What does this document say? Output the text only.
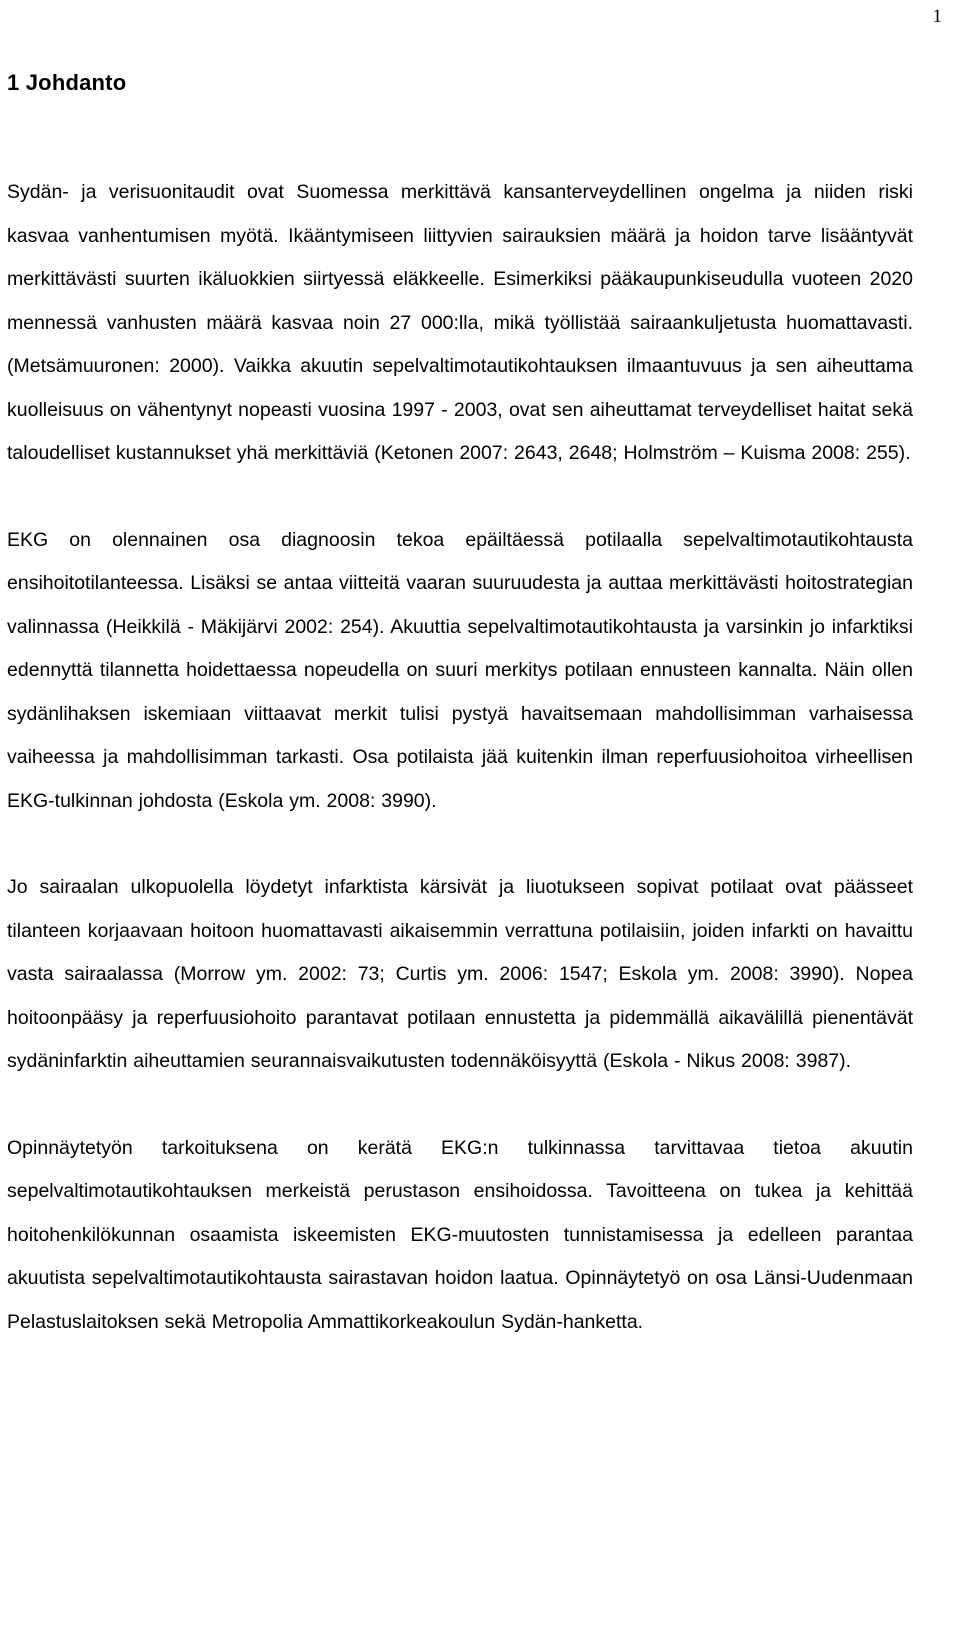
1
1 Johdanto

Sydän- ja verisuonitaudit ovat Suomessa merkittävä kansanterveydellinen ongelma ja niiden riski kasvaa vanhentumisen myötä. Ikääntymiseen liittyvien sairauksien määrä ja hoidon tarve lisääntyvät merkittävästi suurten ikäluokkien siirtyessä eläkkeelle. Esimerkiksi pääkaupunkiseudulla vuoteen 2020 mennessä vanhusten määrä kasvaa noin 27 000:lla, mikä työllistää sairaankuljetusta huomattavasti. (Metsämuuronen: 2000). Vaikka akuutin sepelvaltimotautikohtauksen ilmaantuvuus ja sen aiheuttama kuolleisuus on vähentynyt nopeasti vuosina 1997 - 2003, ovat sen aiheuttamat terveydelliset haitat sekä taloudelliset kustannukset yhä merkittäviä (Ketonen 2007: 2643, 2648; Holmström – Kuisma 2008: 255).

EKG on olennainen osa diagnoosin tekoa epäiltäessä potilaalla sepelvaltimotautikohtausta ensihoitotilanteessa. Lisäksi se antaa viitteitä vaaran suuruudesta ja auttaa merkittävästi hoitostrategian valinnassa (Heikkilä - Mäkijärvi 2002: 254). Akuuttia sepelvaltimotautikohtausta ja varsinkin jo infarktiksi edennyttä tilannetta hoidettaessa nopeudella on suuri merkitys potilaan ennusteen kannalta. Näin ollen sydänlihaksen iskemiaan viittaavat merkit tulisi pystyä havaitsemaan mahdollisimman varhaisessa vaiheessa ja mahdollisimman tarkasti. Osa potilaista jää kuitenkin ilman reperfuusiohoitoa virheellisen EKG-tulkinnan johdosta (Eskola ym. 2008: 3990).

Jo sairaalan ulkopuolella löydetyt infarktista kärsivät ja liuotukseen sopivat potilaat ovat päässeet tilanteen korjaavaan hoitoon huomattavasti aikaisemmin verrattuna potilaisiin, joiden infarkti on havaittu vasta sairaalassa (Morrow ym. 2002: 73; Curtis ym. 2006: 1547; Eskola ym. 2008: 3990). Nopea hoitoonpääsy ja reperfuusiohoito parantavat potilaan ennustetta ja pidemmällä aikavälillä pienentävät sydäninfarktin aiheuttamien seurannaisvaikutusten todennäköisyyttä (Eskola - Nikus 2008: 3987).

Opinnäytetyön tarkoituksena on kerätä EKG:n tulkinnassa tarvittavaa tietoa akuutin sepelvaltimotautikohtauksen merkeistä perustason ensihoidossa. Tavoitteena on tukea ja kehittää hoitohenkilökunnan osaamista iskeemisten EKG-muutosten tunnistamisessa ja edelleen parantaa akuutista sepelvaltimotautikohtausta sairastavan hoidon laatua. Opinnäytetyö on osa Länsi-Uudenmaan Pelastuslaitoksen sekä Metropolia Ammattikorkeakoulun Sydän-hanketta.
